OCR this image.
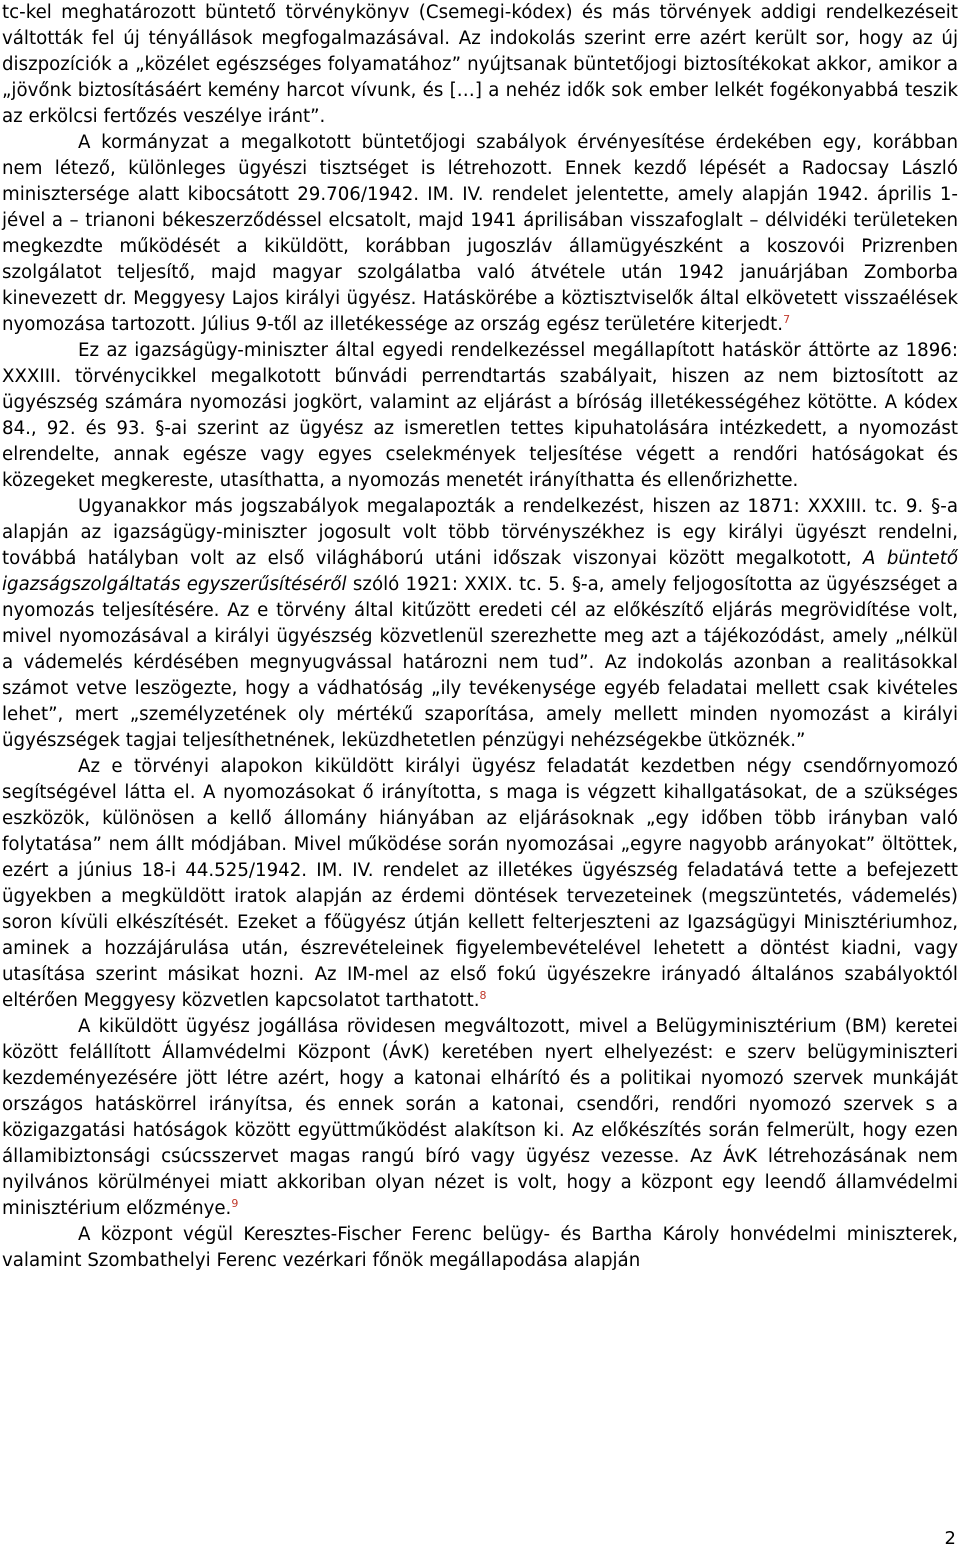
tc-kel meghatározott büntető törvénykönyv (Csemegi-kódex) és más törvények addigi rendelkezéseit váltották fel új tényállások megfogalmazásával. Az indokolás szerint erre azért került sor, hogy az új diszpozíciók a „közélet egészséges folyamatához” nyújtsanak büntetőjogi biztosítékokat akkor, amikor a „jövőnk biztosításáért kemény harcot vívunk, és […] a nehéz idők sok ember lelkét fogékonyabbá teszik az erkölcsi fertőzés veszélye iránt”.

A kormányzat a megalkotott büntetőjogi szabályok érvényesítése érdekében egy, korábban nem létező, különleges ügyészi tisztséget is létrehozott. Ennek kezdő lépését a Radocsay László minisztersége alatt kibocsátott 29.706/1942. IM. IV. rendelet jelentette, amely alapján 1942. április 1-jével a – trianoni békeszerződéssel elcsatolt, majd 1941 áprilisában visszafoglalt – délvidéki területeken megkezdte működését a kiküldött, korábban jugoszláv államügyészként a koszovói Prizrenben szolgálatot teljesítő, majd magyar szolgálatba való átvétele után 1942 januárjában Zomborba kinevezett dr. Meggyesy Lajos királyi ügyész. Hatáskörébe a köztisztviselők által elkövetett visszaélések nyomozása tartozott. Július 9-től az illetékessége az ország egész területére kiterjedt.$^7$

Ez az igazságügy-miniszter által egyedi rendelkezéssel megállapított hatáskör áttörte az 1896: XXXIII. törvénycikkel megalkotott bűnvádi perrendtartás szabályait, hiszen az nem biztosított az ügyészség számára nyomozási jogkört, valamint az eljárást a bíróság illetékességéhez kötötte. A kódex 84., 92. és 93. §-ai szerint az ügyész az ismeretlen tettes kipuhatolására intézkedett, a nyomozást elrendelte, annak egésze vagy egyes cselekmények teljesítése végett a rendőri hatóságokat és közegeket megkereste, utasíthatta, a nyomozás menetét irányíthatta és ellenőrizhette.

Ugyanakkor más jogszabályok megalapozták a rendelkezést, hiszen az 1871: XXXIII. tc. 9. §-a alapján az igazságügy-miniszter jogosult volt több törvényszékhez is egy királyi ügyészt rendelni, továbbá hatályban volt az első világháború utáni időszak viszonyai között megalkotott, A büntető igazságszolgáltatás egyszerűsítéséről szóló 1921: XXIX. tc. 5. §-a, amely feljogosította az ügyészséget a nyomozás teljesítésére. Az e törvény által kitűzött eredeti cél az előkészítő eljárás megrövidítése volt, mivel nyomozásával a királyi ügyészség közvetlenül szerezhette meg azt a tájékozódást, amely „nélkül a vádemelés kérdésében megnyugvással határozni nem tud”. Az indokolás azonban a realitásokkal számot vetve leszögezte, hogy a vádhatóság „ily tevékenysége egyéb feladatai mellett csak kivételes lehet”, mert „személyzetének oly mértékű szaporítása, amely mellett minden nyomozást a királyi ügyészségek tagjai teljesíthetnének, leküzdhetetlen pénzügyi nehézségekbe ütköznék.”

Az e törvényi alapokon kiküldött királyi ügyész feladatát kezdetben négy csendőrnyomozó segítségével látta el. A nyomozásokat ő irányította, s maga is végzett kihallgatásokat, de a szükséges eszközök, különösen a kellő állomány hiányában az eljárásoknak „egy időben több irányban való folytatása” nem állt módjában. Mivel működése során nyomozásai „egyre nagyobb arányokat” öltöttek, ezért a június 18-i 44.525/1942. IM. IV. rendelet az illetékes ügyészség feladatává tette a befejezett ügyekben a megküldött iratok alapján az érdemi döntések tervezeteinek (megszüntetés, vádemelés) soron kívüli elkészítését. Ezeket a főügyész útján kellett felterjeszteni az Igazságügyi Minisztériumhoz, aminek a hozzájárulása után, észrevételeinek figyelembevételével lehetett a döntést kiadni, vagy utasítása szerint másikat hozni. Az IM-mel az első fokú ügyészekre irányadó általános szabályoktól eltérően Meggyesy közvetlen kapcsolatot tarthatott.$^8$

A kiküldött ügyész jogállása rövidesen megváltozott, mivel a Belügyminisztérium (BM) keretei között felállított Államvédelmi Központ (ÁvK) keretében nyert elhelyezést: e szerv belügyminiszteri kezdeményezésére jött létre azért, hogy a katonai elhárító és a politikai nyomozó szervek munkáját országos hatáskörrel irányítsa, és ennek során a katonai, csendőri, rendőri nyomozó szervek s a közigazgatási hatóságok között együttműködést alakítson ki. Az előkészítés során felmerült, hogy ezen államibiztonsági csúcsszervet magas rangú bíró vagy ügyész vezesse. Az ÁvK létrehozásának nem nyilvános körülményei miatt akkoriban olyan nézet is volt, hogy a központ egy leendő államvédelmi minisztérium előzménye.$^9$

A központ végül Keresztes-Fischer Ferenc belügy- és Bartha Károly honvédelmi miniszterek, valamint Szombathelyi Ferenc vezérkari főnök megállapodása alapján

2
